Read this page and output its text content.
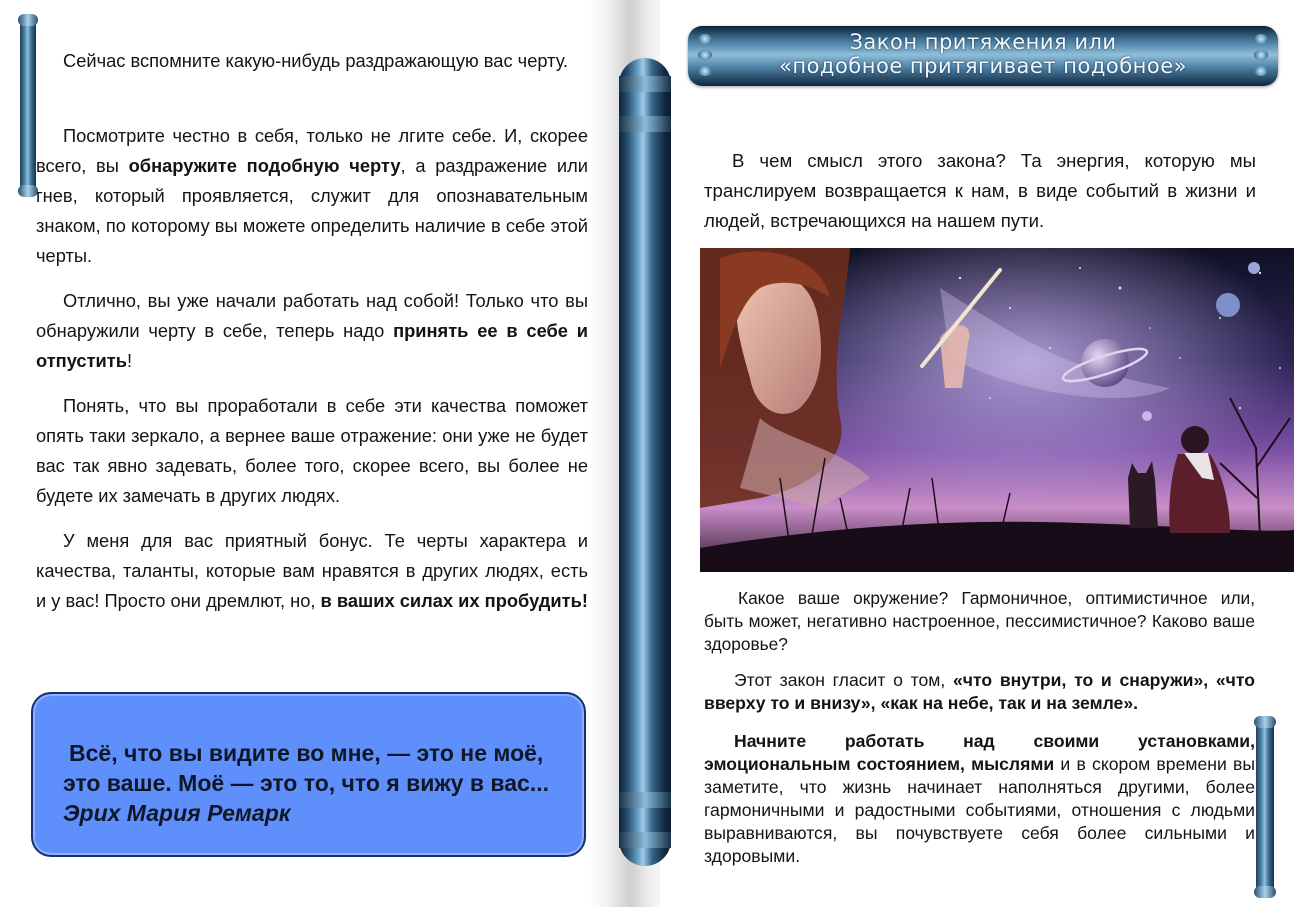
Сейчас вспомните какую-нибудь раздражающую вас черту.

Посмотрите честно в себя, только не лгите себе. И, скорее всего, вы обнаружите подобную черту, а раздражение или гнев, который проявляется, служит для опознавательным знаком, по которому вы можете определить наличие в себе этой черты.

Отлично, вы уже начали работать над собой! Только что вы обнаружили черту в себе, теперь надо принять ее в себе и отпустить!

Понять, что вы проработали в себе эти качества поможет опять таки зеркало, а вернее ваше отражение: они уже не будет вас так явно задевать, более того, скорее всего, вы более не будете их замечать в других людях.

У меня для вас приятный бонус. Те черты характера и качества, таланты, которые вам нравятся в других людях, есть и у вас! Просто они дремлют, но, в ваших силах их пробудить!

Всё, что вы видите во мне, — это не моё,
это ваше. Моё — это то, что я вижу в вас...
Эрих Мария Ремарк
Закон притяжения или
«подобное притягивает подобное»

В чем смысл этого закона? Та энергия, которую мы транслируем возвращается к нам, в виде событий в жизни и людей, встречающихся на нашем пути.

Какое ваше окружение? Гармоничное, оптимистичное или, быть может, негативно настроенное, пессимистичное? Каково ваше здоровье?

Этот закон гласит о том, «что внутри, то и снаружи», «что вверху то и внизу», «как на небе, так и на земле».

Начните работать над своими установками, эмоциональным состоянием, мыслями и в скором времени вы заметите, что жизнь начинает наполняться другими, более гармоничными и радостными событиями, отношения с людьми выравниваются, вы почувствуете себя более сильными и здоровыми.
